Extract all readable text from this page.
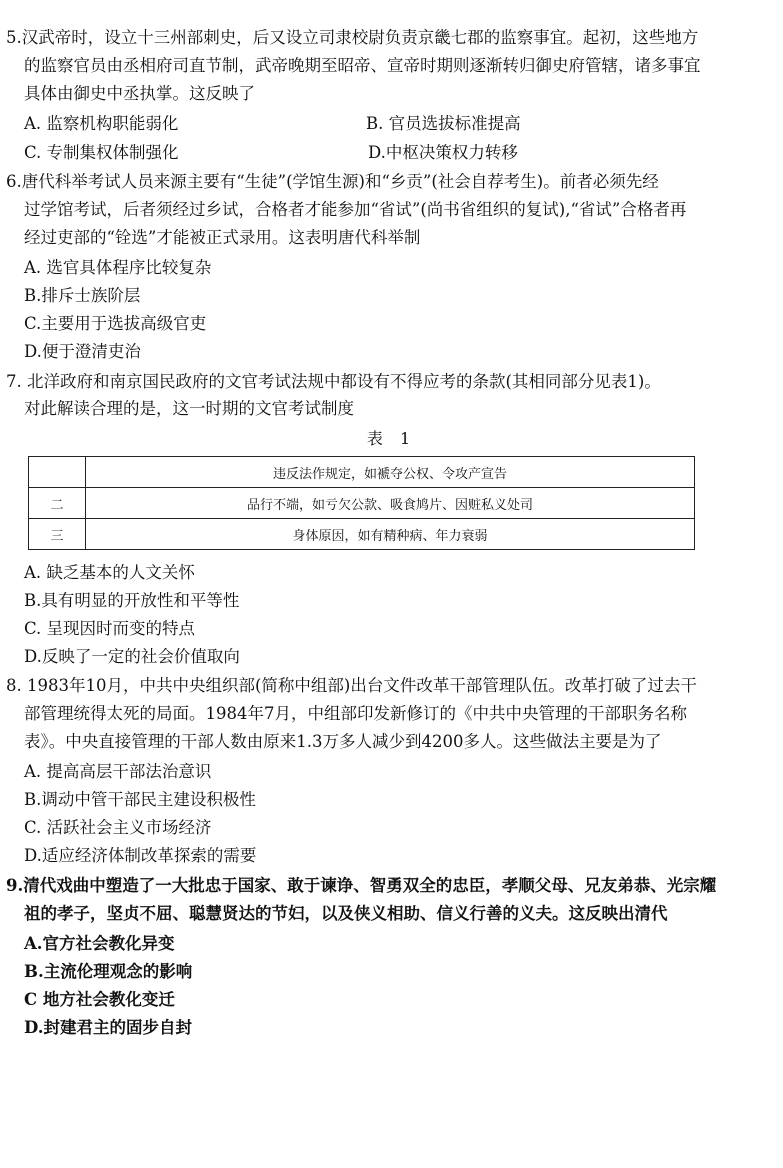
5.汉武帝时，设立十三州部刺史，后又设立司隶校尉负责京畿七郡的监察事宜。起初，这些地方
的监察官员由丞相府司直节制，武帝晚期至昭帝、宣帝时期则逐渐转归御史府管辖，诸多事宜
具体由御史中丞执掌。这反映了
A. 监察机构职能弱化	B. 官员选拔标准提高
C. 专制集权体制强化	D.中枢决策权力转移
6.唐代科举考试人员来源主要有“生徒”(学馆生源)和“乡贡”(社会自荐考生)。前者必须先经
过学馆考试，后者须经过乡试，合格者才能参加“省试”(尚书省组织的复试),“省试”合格者再
经过吏部的“铨选”才能被正式录用。这表明唐代科举制
A. 选官具体程序比较复杂
B.排斥士族阶层
C.主要用于选拔高级官吏
D.便于澄清吏治
7. 北洋政府和南京国民政府的文官考试法规中都设有不得应考的条款(其相同部分见表1)。
对此解读合理的是，这一时期的文官考试制度
表 1
	违反法作规定，如褫夺公权、令攻产宣告
二	品行不端，如亏欠公款、吸食鸠片、因赃私义处司
三	身体原因，如有精种病、年力衰弱
A. 缺乏基本的人文关怀
B.具有明显的开放性和平等性
C. 呈现因时而变的特点
D.反映了一定的社会价值取向
8. 1983年10月，中共中央组织部(简称中组部)出台文件改革干部管理队伍。改革打破了过去干
部管理统得太死的局面。1984年7月，中组部印发新修订的《中共中央管理的干部职务名称
表》。中央直接管理的干部人数由原来1.3万多人减少到4200多人。这些做法主要是为了
A. 提高高层干部法治意识
B.调动中管干部民主建设积极性
C. 活跃社会主义市场经济
D.适应经济体制改革探索的需要
9.清代戏曲中塑造了一大批忠于国家、敢于谏诤、智勇双全的忠臣，孝顺父母、兄友弟恭、光宗耀
祖的孝子，坚贞不屈、聪慧贤达的节妇，以及侠义相助、信义行善的义夫。这反映出清代
A.官方社会教化异变
B.主流伦理观念的影响
C 地方社会教化变迁
D.封建君主的固步自封
